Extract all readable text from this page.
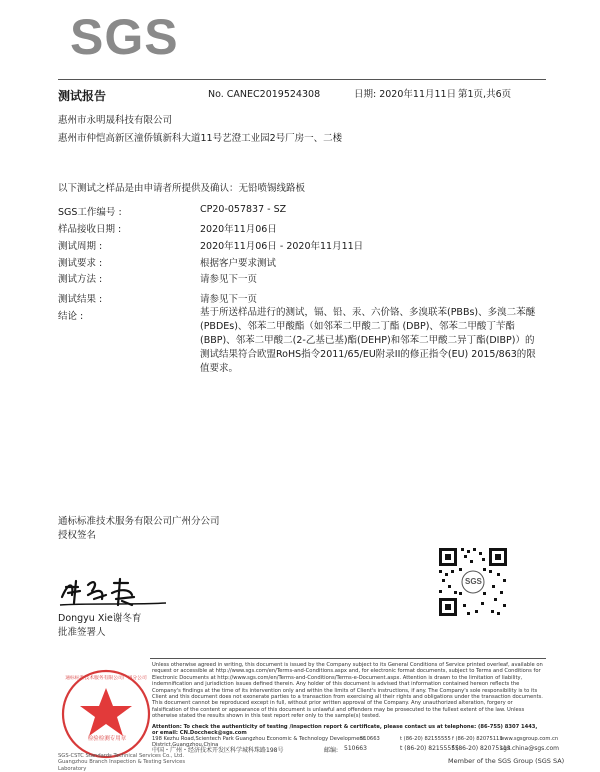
SGS
测试报告	No. CANEC2019524308	日期: 2020年11月11日 第1页,共6页
惠州市永明晟科技有限公司
惠州市仲恺高新区潼侨镇新科大道11号艺澄工业园2号厂房一、二楼
以下测试之样品是由申请者所提供及确认：无铅喷锡线路板
SGS工作编号 :	CP20-057837 - SZ
样品接收日期 :	2020年11月06日
测试周期 :	2020年11月06日 - 2020年11月11日
测试要求 :	根据客户要求测试
测试方法 :	请参见下一页
测试结果 :	请参见下一页
结论 :	基于所送样品进行的测试，镉、铅、汞、六价铬、多溴联苯(PBBs)、多溴二苯醚(PBDEs)、邻苯二甲酸酯（如邻苯二甲酸二丁酯 (DBP)、邻苯二甲酸丁苄酯(BBP)、邻苯二甲酸二(2-乙基已基)酯(DEHP)和邻苯二甲酸二异丁酯(DIBP)）的测试结果符合欧盟RoHS指令2011/65/EU附录II的修正指令(EU) 2015/863的限值要求。
通标标准技术服务有限公司广州分公司
授权签名
Dongyu Xie谢冬育
批准签署人
SGS
检验检测专用章
通标标准技术服务有限公司广州分公司
Unless otherwise agreed in writing, this document is issued by the Company subject to its General Conditions of Service printed overleaf, available on request or accessible at http://www.sgs.com/en/Terms-and-Conditions.aspx and, for electronic format documents, subject to Terms and Conditions for Electronic Documents at http://www.sgs.com/en/Terms-and-Conditions/Terms-e-Document.aspx. Attention is drawn to the limitation of liability, indemnification and jurisdiction issues defined therein. Any holder of this document is advised that information contained hereon reflects the Company's findings at the time of its intervention only and within the limits of Client's instructions, if any. The Company's sole responsibility is to its Client and this document does not exonerate parties to a transaction from exercising all their rights and obligations under the transaction documents. This document cannot be reproduced except in full, without prior written approval of the Company. Any unauthorized alteration, forgery or falsification of the content or appearance of this document is unlawful and offenders may be prosecuted to the fullest extent of the law. Unless otherwise stated the results shown in this test report refer only to the sample(s) tested.
Attention: To check the authenticity of testing /inspection report & certificate, please contact us at telephone: (86-755) 8307 1443, or email: CN.Doccheck@sgs.com
198 Kezhu Road,Scientech Park Guangzhou Economic & Technology Development District,Guangzhou,China
510663	t (86-20) 82155555 f (86-20) 82075113
www.sgsgroup.com.cn
中国・广州・经济技术开发区科学城科珠路198号	邮编: 510663	t (86-20) 82155555
f (86-20) 82075113
sgs.china@sgs.com
SGS-CSTC Standards Technical Services Co., Ltd. Guangzhou Branch Inspection & Testing Services Laboratory
Member of the SGS Group (SGS SA)
